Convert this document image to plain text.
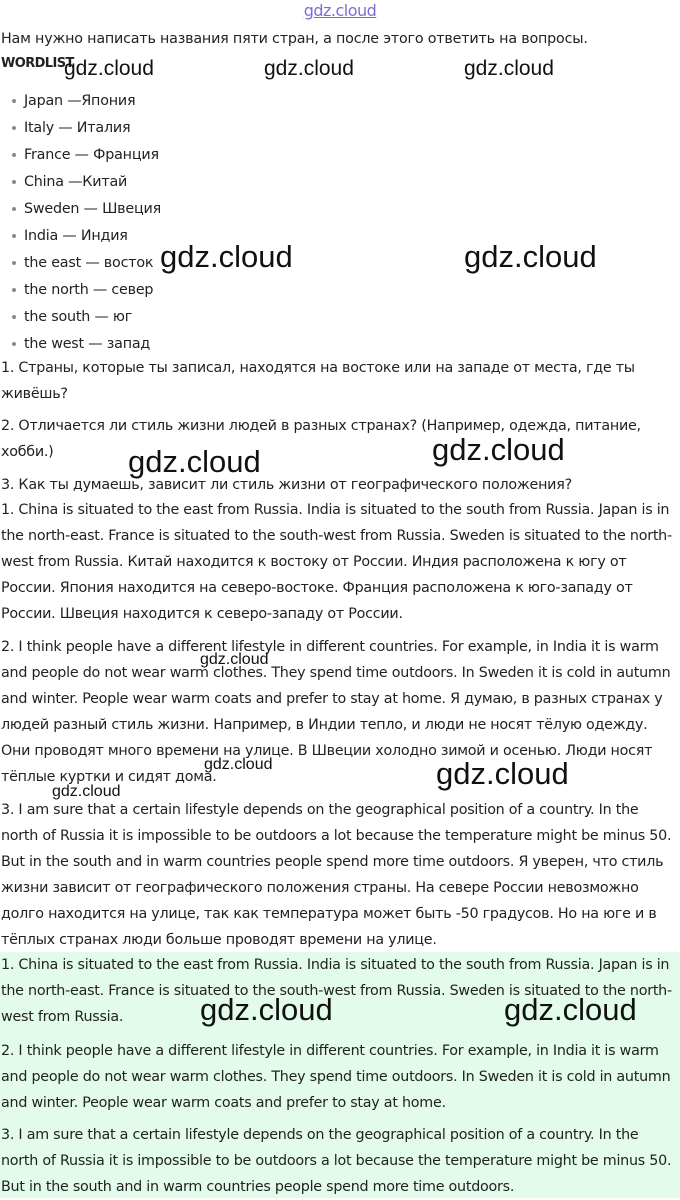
gdz.cloud
Нам нужно написать названия пяти стран, а после этого ответить на вопросы.
WORDLIST
Japan —Япония
Italy — Италия
France — Франция
China —Китай
Sweden — Швеция
India — Индия
the east — восток
the north — север
the south — юг
the west — запад
1. Страны, которые ты записал, находятся на востоке или на западе от места, где ты живёшь?
2. Отличается ли стиль жизни людей в разных странах? (Например, одежда, питание, хобби.)
3. Как ты думаешь, зависит ли стиль жизни от географического положения?
1. China is situated to the east from Russia. India is situated to the south from Russia. Japan is in the north-east. France is situated to the south-west from Russia. Sweden is situated to the north-west from Russia. Китай находится к востоку от России. Индия расположена к югу от России. Япония находится на северо-востоке. Франция расположена к юго-западу от России. Швеция находится к северо-западу от России.
2. I think people have a different lifestyle in different countries. For example, in India it is warm and people do not wear warm clothes. They spend time outdoors. In Sweden it is cold in autumn and winter. People wear warm coats and prefer to stay at home. Я думаю, в разных странах у людей разный стиль жизни. Например, в Индии тепло, и люди не носят тёлую одежду. Они проводят много времени на улице. В Швеции холодно зимой и осенью. Люди носят тёплые куртки и сидят дома.
3. I am sure that a certain lifestyle depends on the geographical position of a country. In the north of Russia it is impossible to be outdoors a lot because the temperature might be minus 50. But in the south and in warm countries people spend more time outdoors. Я уверен, что стиль жизни зависит от географического положения страны. На севере России невозможно долго находится на улице, так как температура может быть -50 градусов. Но на юге и в тёплых странах люди больше проводят времени на улице.
1. China is situated to the east from Russia. India is situated to the south from Russia. Japan is in the north-east. France is situated to the south-west from Russia. Sweden is situated to the north-west from Russia.
2. I think people have a different lifestyle in different countries. For example, in India it is warm and people do not wear warm clothes. They spend time outdoors. In Sweden it is cold in autumn and winter. People wear warm coats and prefer to stay at home.
3. I am sure that a certain lifestyle depends on the geographical position of a country. In the north of Russia it is impossible to be outdoors a lot because the temperature might be minus 50. But in the south and in warm countries people spend more time outdoors.
gdz.cloud	gdz.cloud	gdz.cloud
gdz.cloud	gdz.cloud
gdz.cloud	gdz.cloud
gdz.cloud
gdz.cloud
gdz.cloud
gdz.cloud
gdz.cloud	gdz.cloud
